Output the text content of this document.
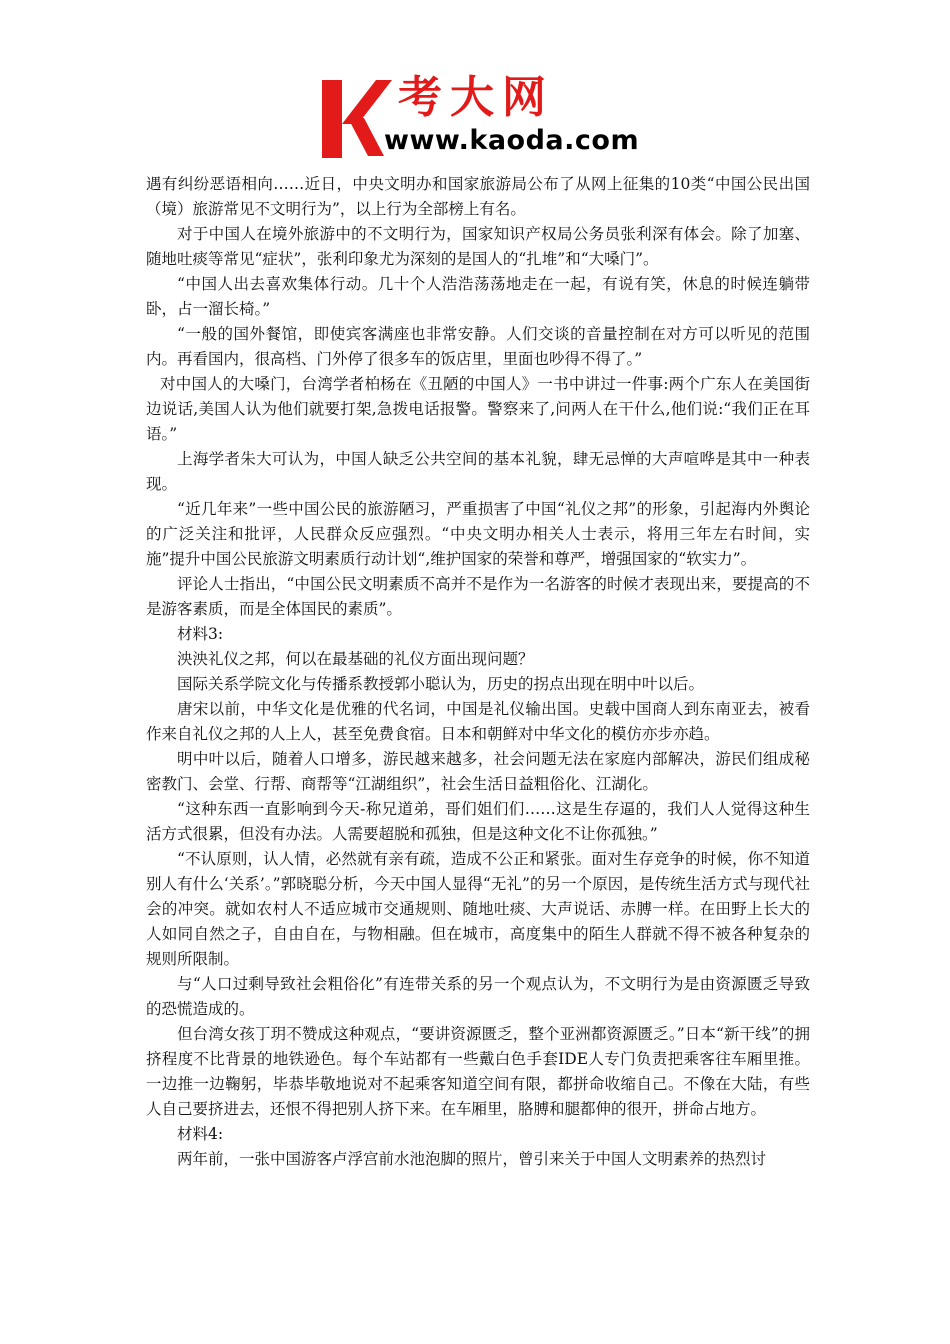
考大网
www.kaoda.com

遇有纠纷恶语相向……近日，中央文明办和国家旅游局公布了从网上征集的10类“中国公民出国（境）旅游常见不文明行为”，以上行为全部榜上有名。

对于中国人在境外旅游中的不文明行为，国家知识产权局公务员张利深有体会。除了加塞、随地吐痰等常见“症状”，张利印象尤为深刻的是国人的“扎堆”和“大嗓门”。

“中国人出去喜欢集体行动。几十个人浩浩荡荡地走在一起，有说有笑，休息的时候连躺带卧，占一溜长椅。”

“一般的国外餐馆，即使宾客满座也非常安静。人们交谈的音量控制在对方可以听见的范围内。再看国内，很高档、门外停了很多车的饭店里，里面也吵得不得了。”

对中国人的大嗓门，台湾学者柏杨在《丑陋的中国人》一书中讲过一件事:两个广东人在美国街边说话,美国人认为他们就要打架,急拨电话报警。警察来了,问两人在干什么,他们说:“我们正在耳语。”

上海学者朱大可认为，中国人缺乏公共空间的基本礼貌，肆无忌惮的大声喧哗是其中一种表现。

“近几年来”一些中国公民的旅游陋习，严重损害了中国“礼仪之邦”的形象，引起海内外舆论的广泛关注和批评，人民群众反应强烈。“中央文明办相关人士表示，将用三年左右时间，实施”提升中国公民旅游文明素质行动计划“,维护国家的荣誉和尊严，增强国家的“软实力”。

评论人士指出，“中国公民文明素质不高并不是作为一名游客的时候才表现出来，要提高的不是游客素质，而是全体国民的素质”。

材料3:

泱泱礼仪之邦，何以在最基础的礼仪方面出现问题？

国际关系学院文化与传播系教授郭小聪认为，历史的拐点出现在明中叶以后。

唐宋以前，中华文化是优雅的代名词，中国是礼仪输出国。史载中国商人到东南亚去，被看作来自礼仪之邦的人上人，甚至免费食宿。日本和朝鲜对中华文化的模仿亦步亦趋。

明中叶以后，随着人口增多，游民越来越多，社会问题无法在家庭内部解决，游民们组成秘密教门、会堂、行帮、商帮等“江湖组织”，社会生活日益粗俗化、江湖化。

“这种东西一直影响到今天-称兄道弟，哥们姐们们……这是生存逼的，我们人人觉得这种生活方式很累，但没有办法。人需要超脱和孤独，但是这种文化不让你孤独。”

“不认原则，认人情，必然就有亲有疏，造成不公正和紧张。面对生存竞争的时候，你不知道别人有什么‘关系’。”郭晓聪分析，今天中国人显得“无礼”的另一个原因，是传统生活方式与现代社会的冲突。就如农村人不适应城市交通规则、随地吐痰、大声说话、赤膊一样。在田野上长大的人如同自然之子，自由自在，与物相融。但在城市，高度集中的陌生人群就不得不被各种复杂的规则所限制。

与“人口过剩导致社会粗俗化”有连带关系的另一个观点认为，不文明行为是由资源匮乏导致的恐慌造成的。

但台湾女孩丁玥不赞成这种观点，“要讲资源匮乏，整个亚洲都资源匮乏。”日本“新干线”的拥挤程度不比背景的地铁逊色。每个车站都有一些戴白色手套IDE人专门负责把乘客往车厢里推。一边推一边鞠躬，毕恭毕敬地说对不起乘客知道空间有限，都拼命收缩自己。不像在大陆，有些人自己要挤进去，还恨不得把别人挤下来。在车厢里，胳膊和腿都伸的很开，拼命占地方。

材料4:

两年前，一张中国游客卢浮宫前水池泡脚的照片，曾引来关于中国人文明素养的热烈讨
